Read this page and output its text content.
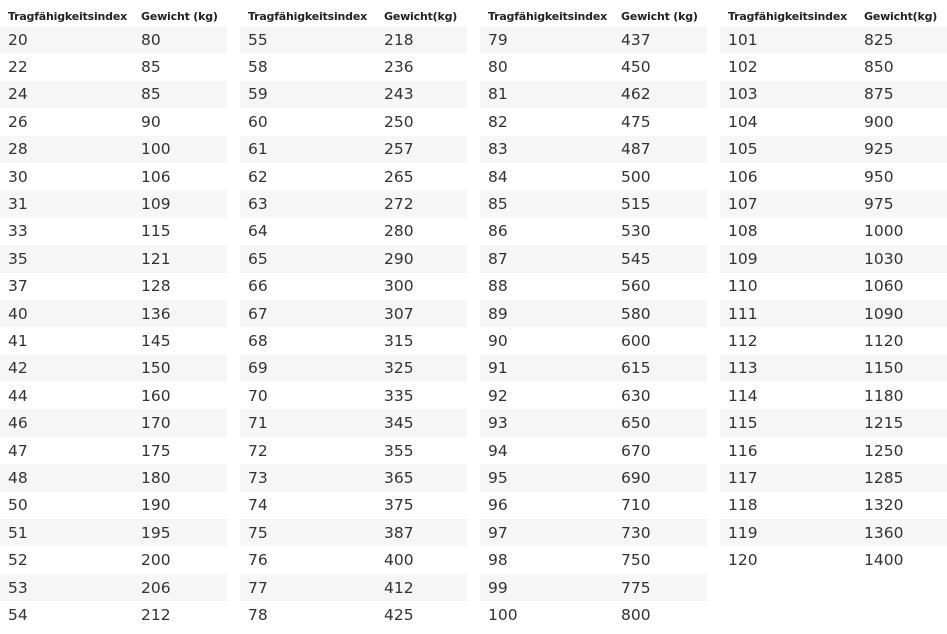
Tragfähigkeitsindex	Gewicht (kg)
20	80
22	85
24	85
26	90
28	100
30	106
31	109
33	115
35	121
37	128
40	136
41	145
42	150
44	160
46	170
47	175
48	180
50	190
51	195
52	200
53	206
54	212
Tragfähigkeitsindex	Gewicht(kg)
55	218
58	236
59	243
60	250
61	257
62	265
63	272
64	280
65	290
66	300
67	307
68	315
69	325
70	335
71	345
72	355
73	365
74	375
75	387
76	400
77	412
78	425
Tragfähigkeitsindex	Gewicht (kg)
79	437
80	450
81	462
82	475
83	487
84	500
85	515
86	530
87	545
88	560
89	580
90	600
91	615
92	630
93	650
94	670
95	690
96	710
97	730
98	750
99	775
100	800
Tragfähigkeitsindex	Gewicht(kg)
101	825
102	850
103	875
104	900
105	925
106	950
107	975
108	1000
109	1030
110	1060
111	1090
112	1120
113	1150
114	1180
115	1215
116	1250
117	1285
118	1320
119	1360
120	1400
